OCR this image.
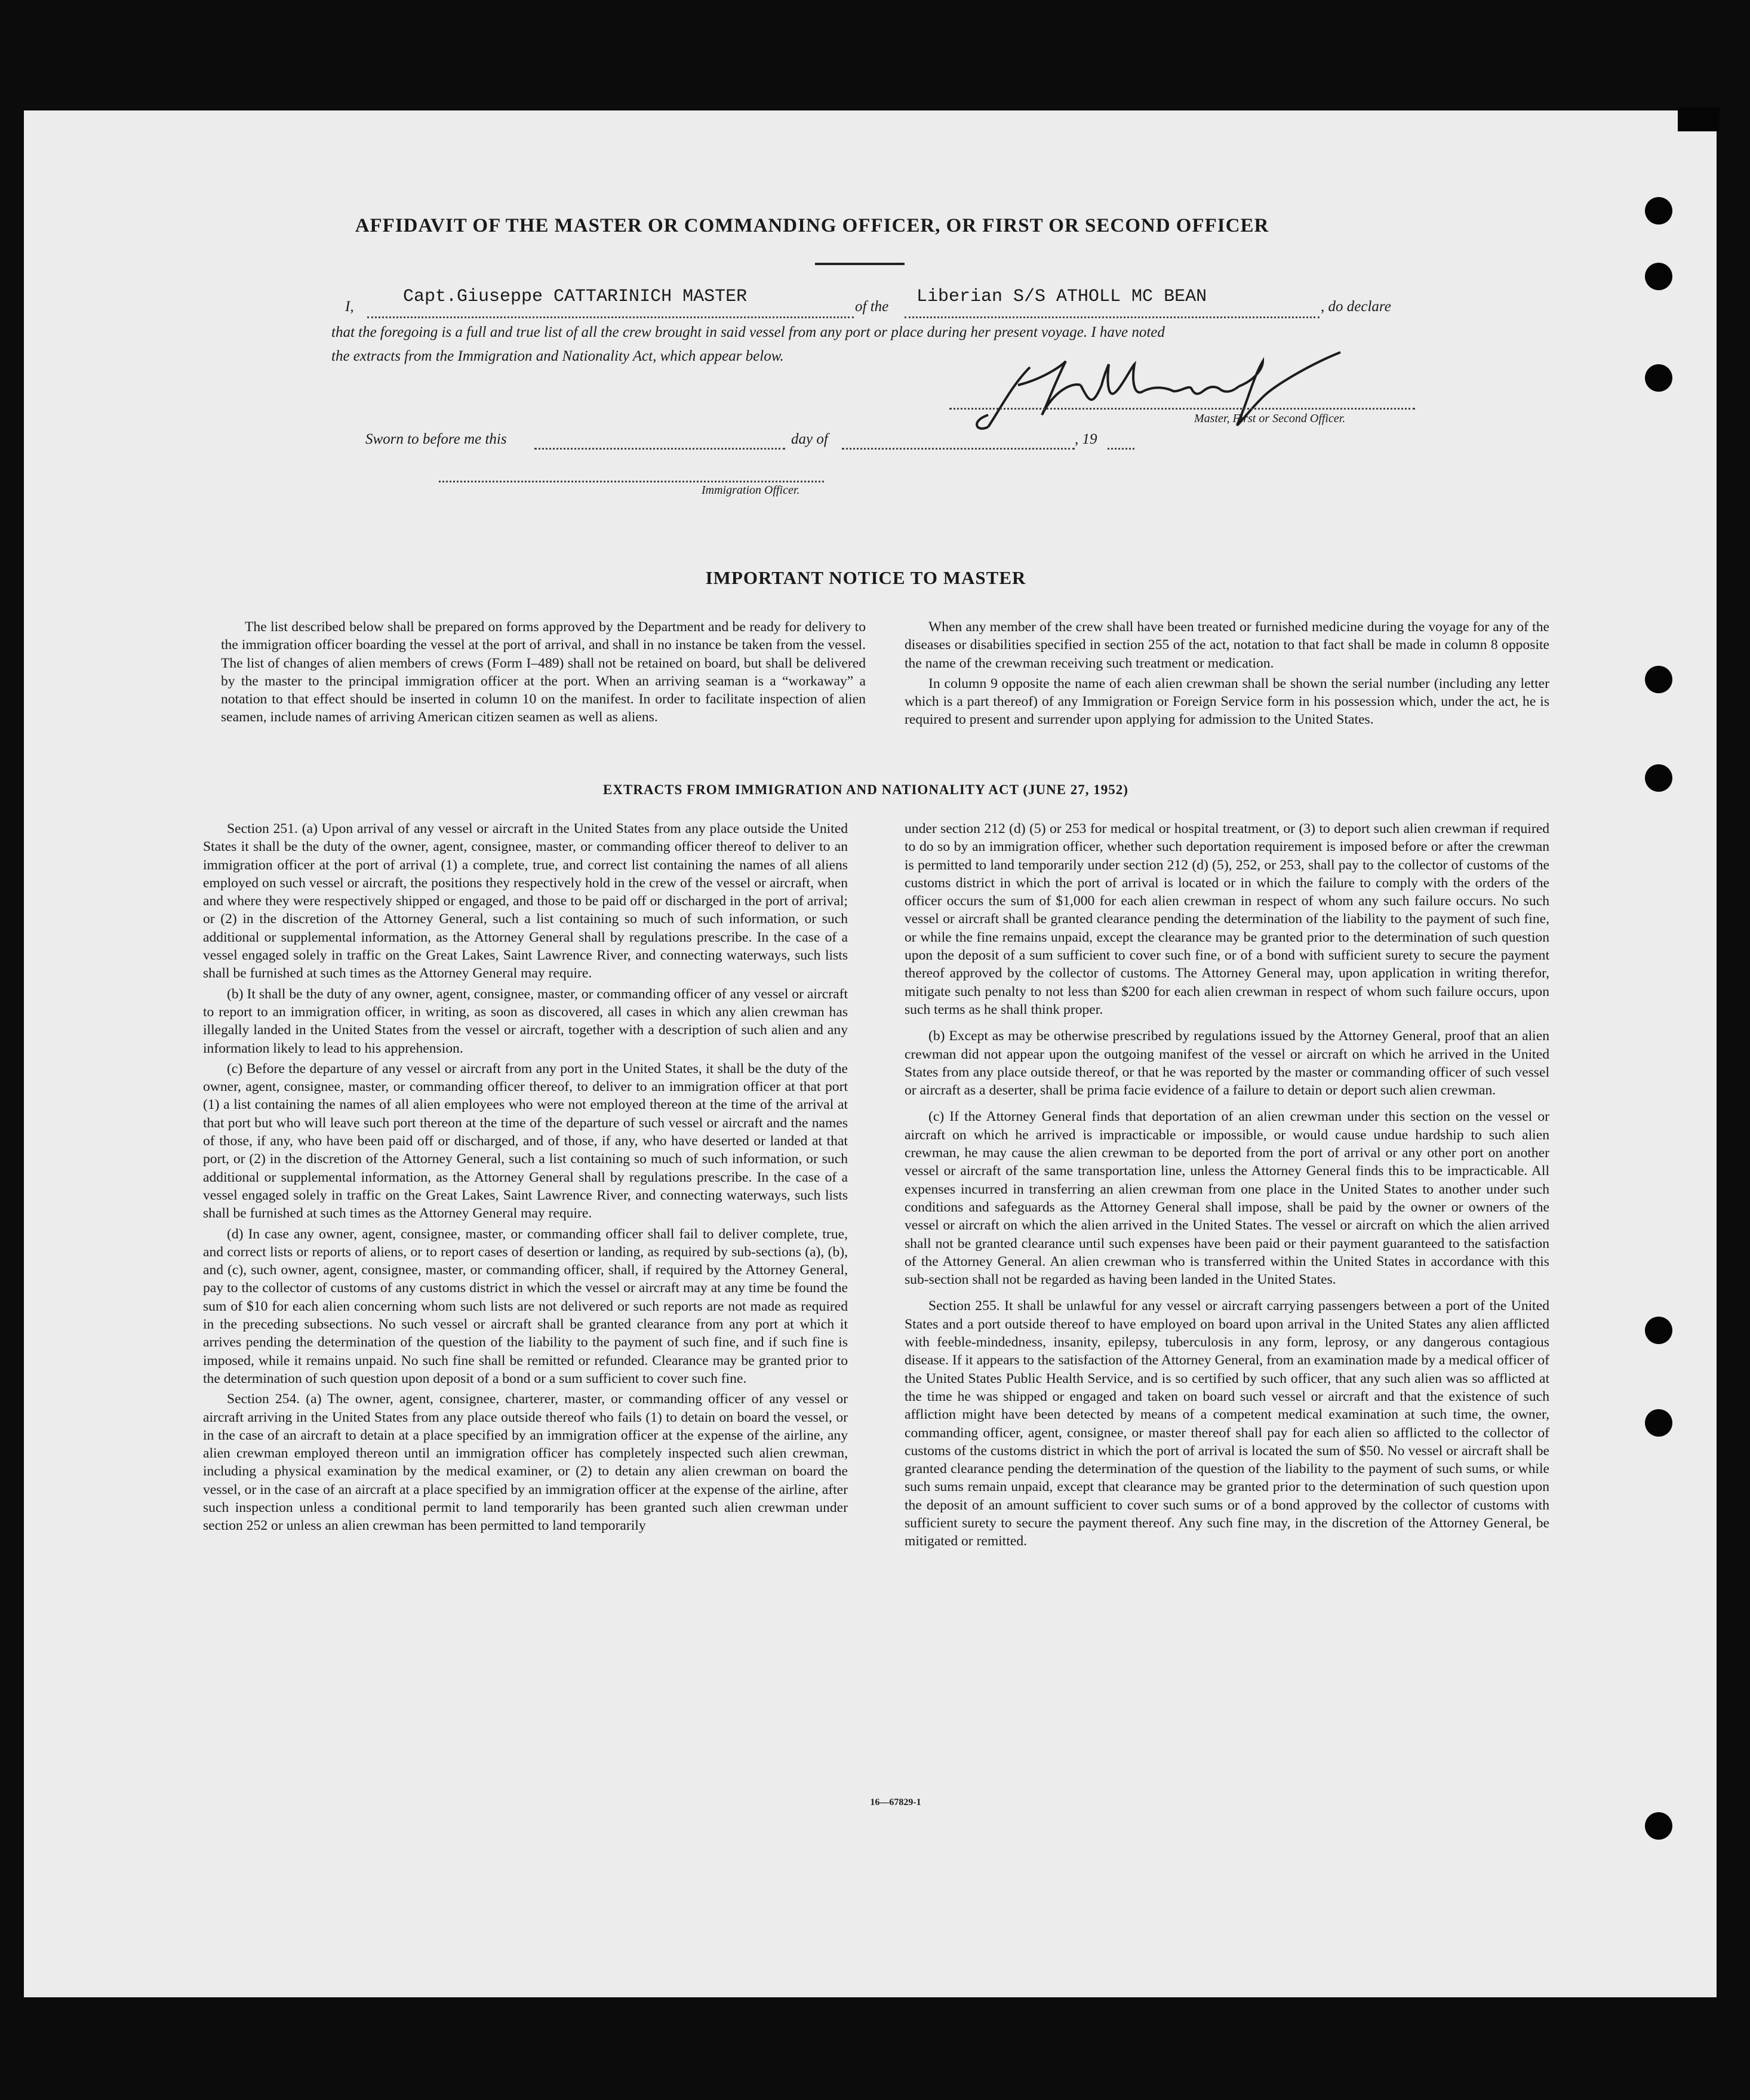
AFFIDAVIT OF THE MASTER OR COMMANDING OFFICER, OR FIRST OR SECOND OFFICER
I,	Capt.Giuseppe CATTARINICH MASTER	of the Liberian S/S ATHOLL MC BEAN	, do declare
that the foregoing is a full and true list of all the crew brought in said vessel from any port or place during her present voyage. I have noted
the extracts from the Immigration and Nationality Act, which appear below.
Master, First or Second Officer.
Sworn to before me this	day of	, 19
Immigration Officer.
IMPORTANT NOTICE TO MASTER

The list described below shall be prepared on forms approved by the Department and be ready for delivery to the immigration officer boarding the vessel at the port of arrival, and shall in no instance be taken from the vessel. The list of changes of alien members of crews (Form I–489) shall not be retained on board, but shall be delivered by the master to the principal immigration officer at the port. When an arriving seaman is a “workaway” a notation to that effect should be inserted in column 10 on the manifest. In order to facilitate inspection of alien seamen, include names of arriving American citizen seamen as well as aliens.

When any member of the crew shall have been treated or furnished medicine during the voyage for any of the diseases or disabilities specified in section 255 of the act, notation to that fact shall be made in column 8 opposite the name of the crewman receiving such treatment or medication.

In column 9 opposite the name of each alien crewman shall be shown the serial number (including any letter which is a part thereof) of any Immigration or Foreign Service form in his possession which, under the act, he is required to present and surrender upon applying for admission to the United States.

EXTRACTS FROM IMMIGRATION AND NATIONALITY ACT (JUNE 27, 1952)

Section 251. (a) Upon arrival of any vessel or aircraft in the United States from any place outside the United States it shall be the duty of the owner, agent, consignee, master, or commanding officer thereof to deliver to an immigration officer at the port of arrival (1) a complete, true, and correct list containing the names of all aliens employed on such vessel or aircraft, the positions they respectively hold in the crew of the vessel or aircraft, when and where they were respectively shipped or engaged, and those to be paid off or discharged in the port of arrival; or (2) in the discretion of the Attorney General, such a list containing so much of such information, or such additional or supplemental information, as the Attorney General shall by regulations prescribe. In the case of a vessel engaged solely in traffic on the Great Lakes, Saint Lawrence River, and connecting waterways, such lists shall be furnished at such times as the Attorney General may require.

(b) It shall be the duty of any owner, agent, consignee, master, or commanding officer of any vessel or aircraft to report to an immigration officer, in writing, as soon as discovered, all cases in which any alien crewman has illegally landed in the United States from the vessel or aircraft, together with a description of such alien and any information likely to lead to his apprehension.

(c) Before the departure of any vessel or aircraft from any port in the United States, it shall be the duty of the owner, agent, consignee, master, or commanding officer thereof, to deliver to an immigration officer at that port (1) a list containing the names of all alien employees who were not employed thereon at the time of the arrival at that port but who will leave such port thereon at the time of the departure of such vessel or aircraft and the names of those, if any, who have been paid off or discharged, and of those, if any, who have deserted or landed at that port, or (2) in the discretion of the Attorney General, such a list containing so much of such information, or such additional or supplemental information, as the Attorney General shall by regulations prescribe. In the case of a vessel engaged solely in traffic on the Great Lakes, Saint Lawrence River, and connecting waterways, such lists shall be furnished at such times as the Attorney General may require.

(d) In case any owner, agent, consignee, master, or commanding officer shall fail to deliver complete, true, and correct lists or reports of aliens, or to report cases of desertion or landing, as required by sub-sections (a), (b), and (c), such owner, agent, consignee, master, or commanding officer, shall, if required by the Attorney General, pay to the collector of customs of any customs district in which the vessel or aircraft may at any time be found the sum of $10 for each alien concerning whom such lists are not delivered or such reports are not made as required in the preceding subsections. No such vessel or aircraft shall be granted clearance from any port at which it arrives pending the determination of the question of the liability to the payment of such fine, and if such fine is imposed, while it remains unpaid. No such fine shall be remitted or refunded. Clearance may be granted prior to the determination of such question upon deposit of a bond or a sum sufficient to cover such fine.

Section 254. (a) The owner, agent, consignee, charterer, master, or commanding officer of any vessel or aircraft arriving in the United States from any place outside thereof who fails (1) to detain on board the vessel, or in the case of an aircraft to detain at a place specified by an immigration officer at the expense of the airline, any alien crewman employed thereon until an immigration officer has completely inspected such alien crewman, including a physical examination by the medical examiner, or (2) to detain any alien crewman on board the vessel, or in the case of an aircraft at a place specified by an immigration officer at the expense of the airline, after such inspection unless a conditional permit to land temporarily has been granted such alien crewman under section 252 or unless an alien crewman has been permitted to land temporarily

under section 212 (d) (5) or 253 for medical or hospital treatment, or (3) to deport such alien crewman if required to do so by an immigration officer, whether such deportation requirement is imposed before or after the crewman is permitted to land temporarily under section 212 (d) (5), 252, or 253, shall pay to the collector of customs of the customs district in which the port of arrival is located or in which the failure to comply with the orders of the officer occurs the sum of $1,000 for each alien crewman in respect of whom any such failure occurs. No such vessel or aircraft shall be granted clearance pending the determination of the liability to the payment of such fine, or while the fine remains unpaid, except the clearance may be granted prior to the determination of such question upon the deposit of a sum sufficient to cover such fine, or of a bond with sufficient surety to secure the payment thereof approved by the collector of customs. The Attorney General may, upon application in writing therefor, mitigate such penalty to not less than $200 for each alien crewman in respect of whom such failure occurs, upon such terms as he shall think proper.

(b) Except as may be otherwise prescribed by regulations issued by the Attorney General, proof that an alien crewman did not appear upon the outgoing manifest of the vessel or aircraft on which he arrived in the United States from any place outside thereof, or that he was reported by the master or commanding officer of such vessel or aircraft as a deserter, shall be prima facie evidence of a failure to detain or deport such alien crewman.

(c) If the Attorney General finds that deportation of an alien crewman under this section on the vessel or aircraft on which he arrived is impracticable or impossible, or would cause undue hardship to such alien crewman, he may cause the alien crewman to be deported from the port of arrival or any other port on another vessel or aircraft of the same transportation line, unless the Attorney General finds this to be impracticable. All expenses incurred in transferring an alien crewman from one place in the United States to another under such conditions and safeguards as the Attorney General shall impose, shall be paid by the owner or owners of the vessel or aircraft on which the alien arrived in the United States. The vessel or aircraft on which the alien arrived shall not be granted clearance until such expenses have been paid or their payment guaranteed to the satisfaction of the Attorney General. An alien crewman who is transferred within the United States in accordance with this sub-section shall not be regarded as having been landed in the United States.

Section 255. It shall be unlawful for any vessel or aircraft carrying passengers between a port of the United States and a port outside thereof to have employed on board upon arrival in the United States any alien afflicted with feeble-mindedness, insanity, epilepsy, tuberculosis in any form, leprosy, or any dangerous contagious disease. If it appears to the satisfaction of the Attorney General, from an examination made by a medical officer of the United States Public Health Service, and is so certified by such officer, that any such alien was so afflicted at the time he was shipped or engaged and taken on board such vessel or aircraft and that the existence of such affliction might have been detected by means of a competent medical examination at such time, the owner, commanding officer, agent, consignee, or master thereof shall pay for each alien so afflicted to the collector of customs of the customs district in which the port of arrival is located the sum of $50. No vessel or aircraft shall be granted clearance pending the determination of the question of the liability to the payment of such sums, or while such sums remain unpaid, except that clearance may be granted prior to the determination of such question upon the deposit of an amount sufficient to cover such sums or of a bond approved by the collector of customs with sufficient surety to secure the payment thereof. Any such fine may, in the discretion of the Attorney General, be mitigated or remitted.

16—67829-1
